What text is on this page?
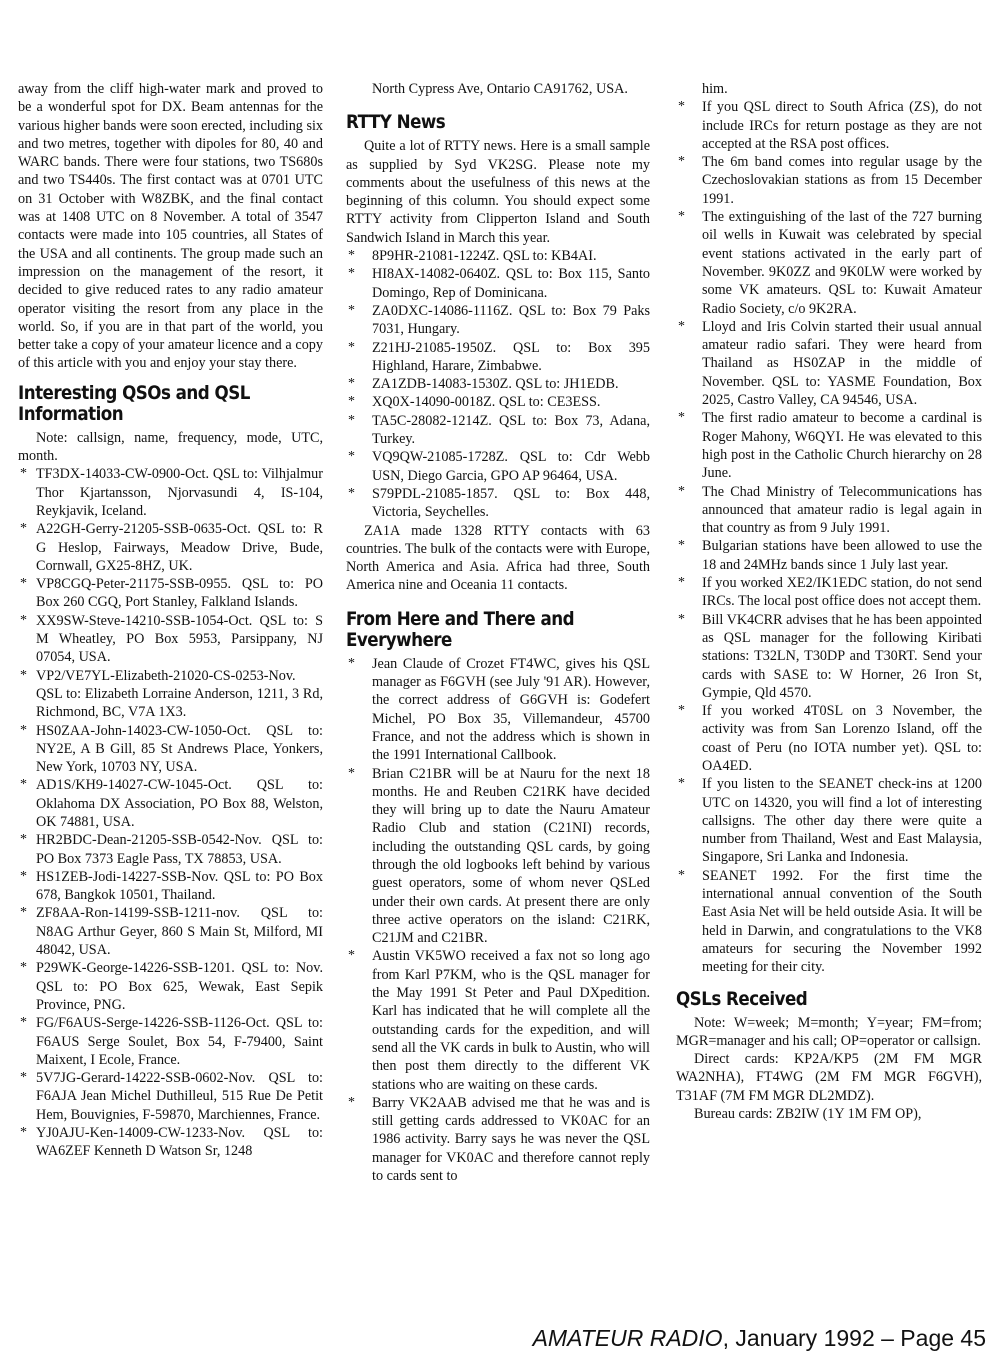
away from the cliff high-water mark and proved to be a wonderful spot for DX. Beam antennas for the various higher bands were soon erected, including six and two metres, together with dipoles for 80, 40 and WARC bands. There were four stations, two TS680s and two TS440s. The first contact was at 0701 UTC on 31 October with W8ZBK, and the final contact was at 1408 UTC on 8 November. A total of 3547 contacts were made into 105 countries, all States of the USA and all continents. The group made such an impression on the management of the resort, it decided to give reduced rates to any radio amateur operator visiting the resort from any place in the world. So, if you are in that part of the world, you better take a copy of your amateur licence and a copy of this article with you and enjoy your stay there.

Interesting QSOs and QSL Information

Note: callsign, name, frequency, mode, UTC, month.

* TF3DX-14033-CW-0900-Oct. QSL to: Vilhjalmur Thor Kjartansson, Njorvasundi 4, IS-104, Reykjavik, Iceland.
* A22GH-Gerry-21205-SSB-0635-Oct. QSL to: R G Heslop, Fairways, Meadow Drive, Bude, Cornwall, GX25-8HZ, UK.
* VP8CGQ-Peter-21175-SSB-0955. QSL to: PO Box 260 CGQ, Port Stanley, Falkland Islands.
* XX9SW-Steve-14210-SSB-1054-Oct. QSL to: S M Wheatley, PO Box 5953, Parsippany, NJ 07054, USA.
* VP2/VE7YL-Elizabeth-21020-CS-0253-Nov. QSL to: Elizabeth Lorraine Anderson, 1211, 3 Rd, Richmond, BC, V7A 1X3.
* HS0ZAA-John-14023-CW-1050-Oct. QSL to: NY2E, A B Gill, 85 St Andrews Place, Yonkers, New York, 10703 NY, USA.
* AD1S/KH9-14027-CW-1045-Oct. QSL to: Oklahoma DX Association, PO Box 88, Welston, OK 74881, USA.
* HR2BDC-Dean-21205-SSB-0542-Nov. QSL to: PO Box 7373 Eagle Pass, TX 78853, USA.
* HS1ZEB-Jodi-14227-SSB-Nov. QSL to: PO Box 678, Bangkok 10501, Thailand.
* ZF8AA-Ron-14199-SSB-1211-nov. QSL to: N8AG Arthur Geyer, 860 S Main St, Milford, MI 48042, USA.
* P29WK-George-14226-SSB-1201. QSL to: Nov. QSL to: PO Box 625, Wewak, East Sepik Province, PNG.
* FG/F6AUS-Serge-14226-SSB-1126-Oct. QSL to: F6AUS Serge Soulet, Box 54, F-79400, Saint Maixent, I Ecole, France.
* 5V7JG-Gerard-14222-SSB-0602-Nov. QSL to: F6AJA Jean Michel Duthilleul, 515 Rue De Petit Hem, Bouvignies, F-59870, Marchiennes, France.
* YJ0AJU-Ken-14009-CW-1233-Nov. QSL to: WA6ZEF Kenneth D Watson Sr, 1248

North Cypress Ave, Ontario CA91762, USA.

RTTY News

Quite a lot of RTTY news. Here is a small sample as supplied by Syd VK2SG. Please note my comments about the usefulness of this news at the beginning of this column. You should expect some RTTY activity from Clipperton Island and South Sandwich Island in March this year.

* 8P9HR-21081-1224Z. QSL to: KB4AI.
* HI8AX-14082-0640Z. QSL to: Box 115, Santo Domingo, Rep of Dominicana.
* ZA0DXC-14086-1116Z. QSL to: Box 79 Paks 7031, Hungary.
* Z21HJ-21085-1950Z. QSL to: Box 395 Highland, Harare, Zimbabwe.
* ZA1ZDB-14083-1530Z. QSL to: JH1EDB.
* XQ0X-14090-0018Z. QSL to: CE3ESS.
* TA5C-28082-1214Z. QSL to: Box 73, Adana, Turkey.
* VQ9QW-21085-1728Z. QSL to: Cdr Webb USN, Diego Garcia, GPO AP 96464, USA.
* S79PDL-21085-1857. QSL to: Box 448, Victoria, Seychelles.

ZA1A made 1328 RTTY contacts with 63 countries. The bulk of the contacts were with Europe, North America and Asia. Africa had three, South America nine and Oceania 11 contacts.

From Here and There and Everywhere
* Jean Claude of Crozet FT4WC, gives his QSL manager as F6GVH (see July '91 AR). However, the correct address of G6GVH is: Godefert Michel, PO Box 35, Villemandeur, 45700 France, and not the address which is shown in the 1991 International Callbook.
* Brian C21BR will be at Nauru for the next 18 months. He and Reuben C21RK have decided they will bring up to date the Nauru Amateur Radio Club and station (C21NI) records, including the outstanding QSL cards, by going through the old logbooks left behind by various guest operators, some of whom never QSLed under their own cards. At present there are only three active operators on the island: C21RK, C21JM and C21BR.
* Austin VK5WO received a fax not so long ago from Karl P7KM, who is the QSL manager for the May 1991 St Peter and Paul DXpedition. Karl has indicated that he will complete all the outstanding cards for the expedition, and will send all the VK cards in bulk to Austin, who will then post them directly to the different VK stations who are waiting on these cards.
* Barry VK2AAB advised me that he was and is still getting cards addressed to VK0AC for an 1986 activity. Barry says he was never the QSL manager for VK0AC and therefore cannot reply to cards sent to

him.

* If you QSL direct to South Africa (ZS), do not include IRCs for return postage as they are not accepted at the RSA post offices.
* The 6m band comes into regular usage by the Czechoslovakian stations as from 15 December 1991.
* The extinguishing of the last of the 727 burning oil wells in Kuwait was celebrated by special event stations activated in the early part of November. 9K0ZZ and 9K0LW were worked by some VK amateurs. QSL to: Kuwait Amateur Radio Society, c/o 9K2RA.
* Lloyd and Iris Colvin started their usual annual amateur radio safari. They were heard from Thailand as HS0ZAP in the middle of November. QSL to: YASME Foundation, Box 2025, Castro Valley, CA 94546, USA.
* The first radio amateur to become a cardinal is Roger Mahony, W6QYI. He was elevated to this high post in the Catholic Church hierarchy on 28 June.
* The Chad Ministry of Telecommunications has announced that amateur radio is legal again in that country as from 9 July 1991.
* Bulgarian stations have been allowed to use the 18 and 24MHz bands since 1 July last year.
* If you worked XE2/IK1EDC station, do not send IRCs. The local post office does not accept them.
* Bill VK4CRR advises that he has been appointed as QSL manager for the following Kiribati stations: T32LN, T30DP and T30RT. Send your cards with SASE to: W Horner, 26 Iron St, Gympie, Qld 4570.
* If you worked 4T0SL on 3 November, the activity was from San Lorenzo Island, off the coast of Peru (no IOTA number yet). QSL to: OA4ED.
* If you listen to the SEANET check-ins at 1200 UTC on 14320, you will find a lot of interesting callsigns. The other day there were quite a number from Thailand, West and East Malaysia, Singapore, Sri Lanka and Indonesia.
* SEANET 1992. For the first time the international annual convention of the South East Asia Net will be held outside Asia. It will be held in Darwin, and congratulations to the VK8 amateurs for securing the November 1992 meeting for their city.
QSLs Received

Note: W=week; M=month; Y=year; FM=from; MGR=manager and his call; OP=operator or callsign.

Direct cards: KP2A/KP5 (2M FM MGR WA2NHA), FT4WG (2M FM MGR F6GVH), T31AF (7M FM MGR DL2MDZ).

Bureau cards: ZB2IW (1Y 1M FM OP),

AMATEUR RADIO, January 1992 – Page 45
